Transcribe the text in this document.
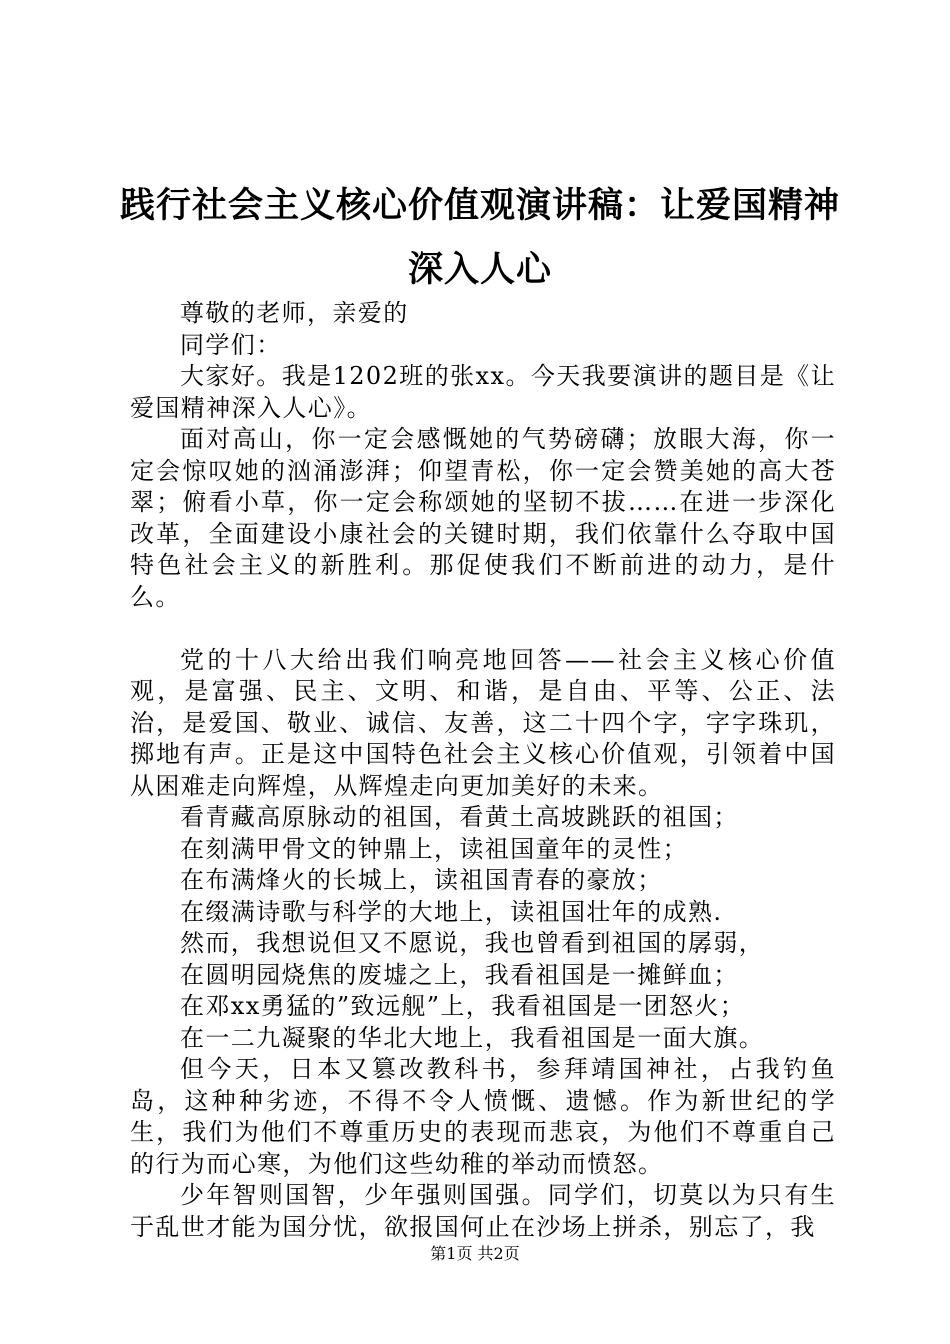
践行社会主义核心价值观演讲稿：让爱国精神
深入人心

尊敬的老师，亲爱的

同学们：

大家好。我是1202班的张xx。今天我要演讲的题目是《让爱国精神深入人心》。

面对高山，你一定会感慨她的气势磅礴；放眼大海，你一定会惊叹她的汹涌澎湃；仰望青松，你一定会赞美她的高大苍翠；俯看小草，你一定会称颂她的坚韧不拔……在进一步深化改革，全面建设小康社会的关键时期，我们依靠什么夺取中国特色社会主义的新胜利。那促使我们不断前进的动力，是什么。

党的十八大给出我们响亮地回答——社会主义核心价值观，是富强、民主、文明、和谐，是自由、平等、公正、法治，是爱国、敬业、诚信、友善，这二十四个字，字字珠玑，掷地有声。正是这中国特色社会主义核心价值观，引领着中国从困难走向辉煌，从辉煌走向更加美好的未来。

看青藏高原脉动的祖国，看黄土高坡跳跃的祖国；

在刻满甲骨文的钟鼎上，读祖国童年的灵性；

在布满烽火的长城上，读祖国青春的豪放；

在缀满诗歌与科学的大地上，读祖国壮年的成熟.

然而，我想说但又不愿说，我也曾看到祖国的孱弱，

在圆明园烧焦的废墟之上，我看祖国是一摊鲜血；

在邓xx勇猛的”致远舰”上，我看祖国是一团怒火；

在一二九凝聚的华北大地上，我看祖国是一面大旗。

但今天，日本又篡改教科书，参拜靖国神社，占我钓鱼岛，这种种劣迹，不得不令人愤慨、遗憾。作为新世纪的学生，我们为他们不尊重历史的表现而悲哀，为他们不尊重自己的行为而心寒，为他们这些幼稚的举动而愤怒。

少年智则国智，少年强则国强。同学们，切莫以为只有生于乱世才能为国分忧，欲报国何止在沙场上拼杀，别忘了，我

第1页 共2页
